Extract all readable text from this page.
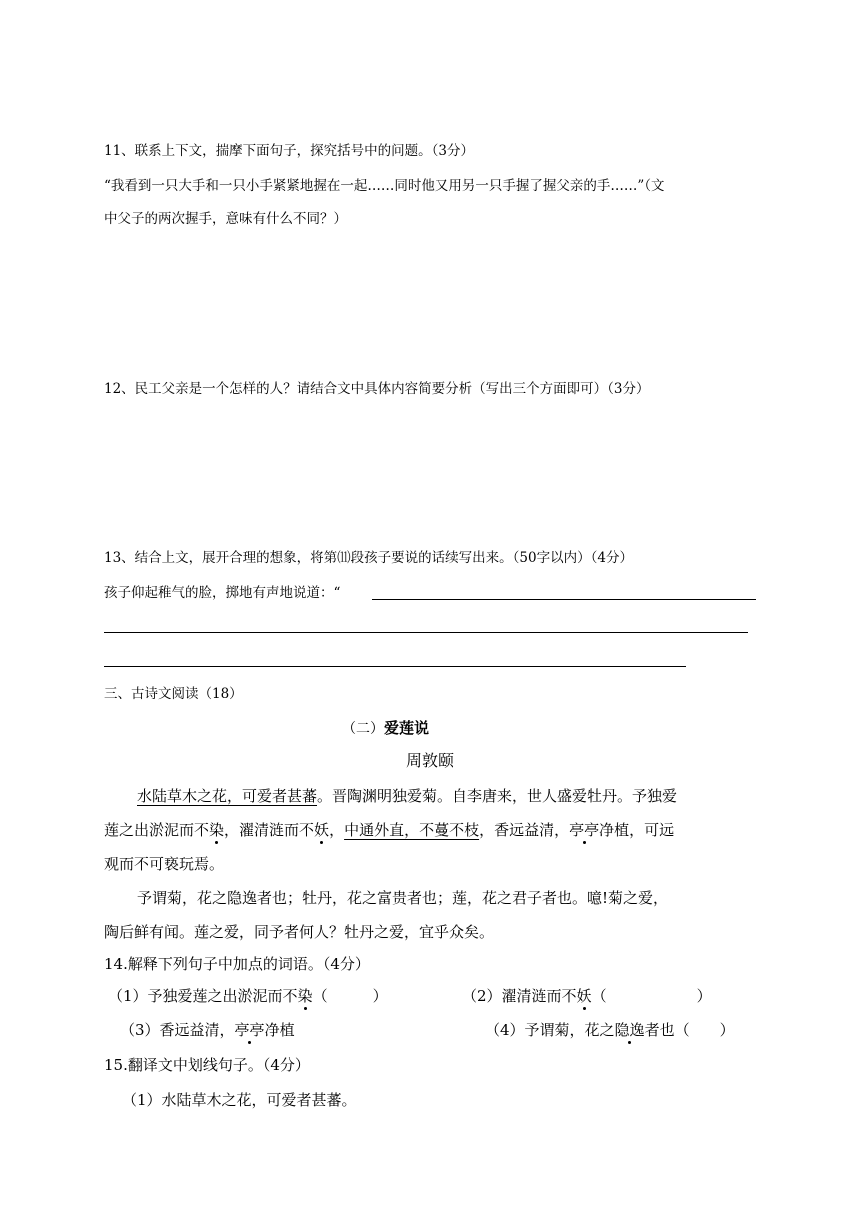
11、联系上下文，揣摩下面句子，探究括号中的问题。（3分）
“我看到一只大手和一只小手紧紧地握在一起……同时他又用另一只手握了握父亲的手……”（文
中父子的两次握手，意味有什么不同？）
12、民工父亲是一个怎样的人？请结合文中具体内容简要分析（写出三个方面即可）（3分）
13、结合上文，展开合理的想象，将第⑾段孩子要说的话续写出来。（50字以内）（4分）
孩子仰起稚气的脸，掷地有声地说道：“
三、古诗文阅读（18）
（二）爱莲说
周敦颐
水陆草木之花，可爱者甚蕃。晋陶渊明独爱菊。自李唐来，世人盛爱牡丹。予独爱
莲之出淤泥而不染，濯清涟而不妖，中通外直，不蔓不枝，香远益清，亭亭净植，可远
观而不可亵玩焉。
予谓菊，花之隐逸者也；牡丹，花之富贵者也；莲，花之君子者也。噫!菊之爱，
陶后鲜有闻。莲之爱，同予者何人？牡丹之爱，宜乎众矣。
14.解释下列句子中加点的词语。（4分）
（1）予独爱莲之出淤泥而不染（　　　）	（2）濯清涟而不妖（　　　　　　）
（3）香远益清，亭亭净植	（4）予谓菊，花之隐逸者也（　　）
15.翻译文中划线句子。（4分）
（1）水陆草木之花，可爱者甚蕃。
